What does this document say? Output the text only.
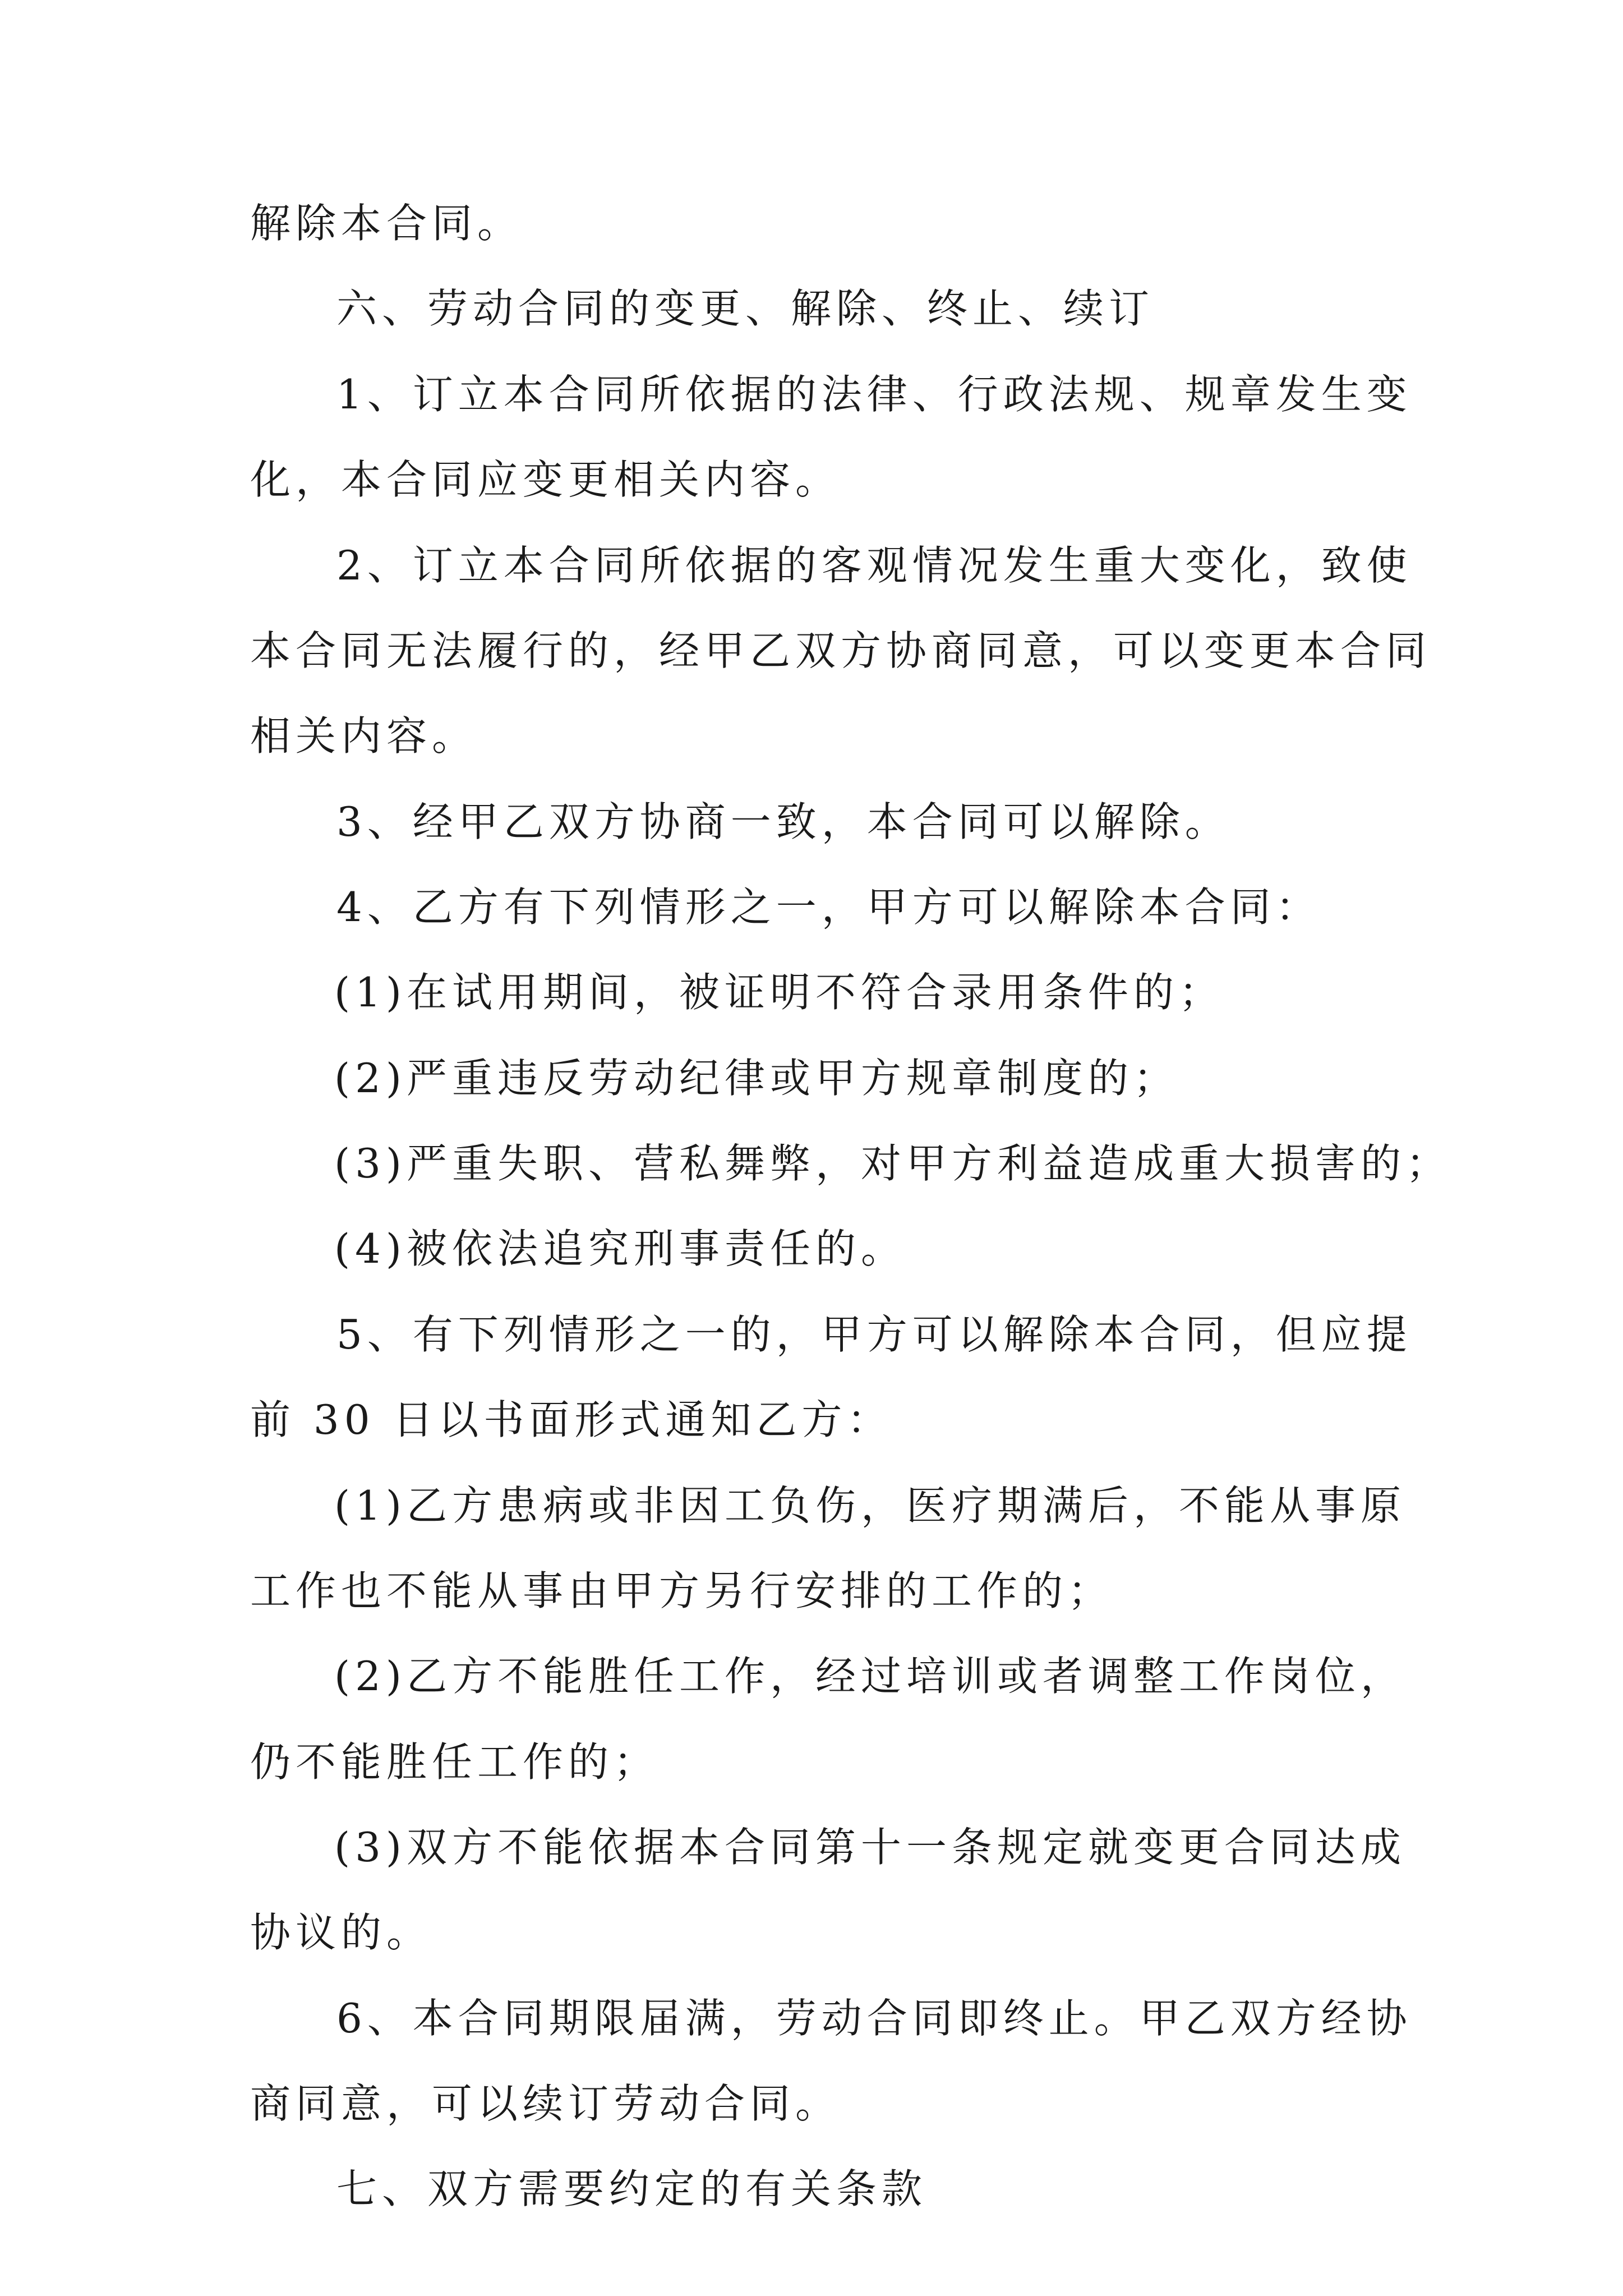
解除本合同。
六、劳动合同的变更、解除、终止、续订
1、订立本合同所依据的法律、行政法规、规章发生变
化，本合同应变更相关内容。
2、订立本合同所依据的客观情况发生重大变化，致使
本合同无法履行的，经甲乙双方协商同意，可以变更本合同
相关内容。
3、经甲乙双方协商一致，本合同可以解除。
4、乙方有下列情形之一，甲方可以解除本合同：
(1)在试用期间，被证明不符合录用条件的；
(2)严重违反劳动纪律或甲方规章制度的；
(3)严重失职、营私舞弊，对甲方利益造成重大损害的；
(4)被依法追究刑事责任的。
5、有下列情形之一的，甲方可以解除本合同，但应提
前 30 日以书面形式通知乙方：
(1)乙方患病或非因工负伤，医疗期满后，不能从事原
工作也不能从事由甲方另行安排的工作的；
(2)乙方不能胜任工作，经过培训或者调整工作岗位，
仍不能胜任工作的；
(3)双方不能依据本合同第十一条规定就变更合同达成
协议的。
6、本合同期限届满，劳动合同即终止。甲乙双方经协
商同意，可以续订劳动合同。
七、双方需要约定的有关条款
